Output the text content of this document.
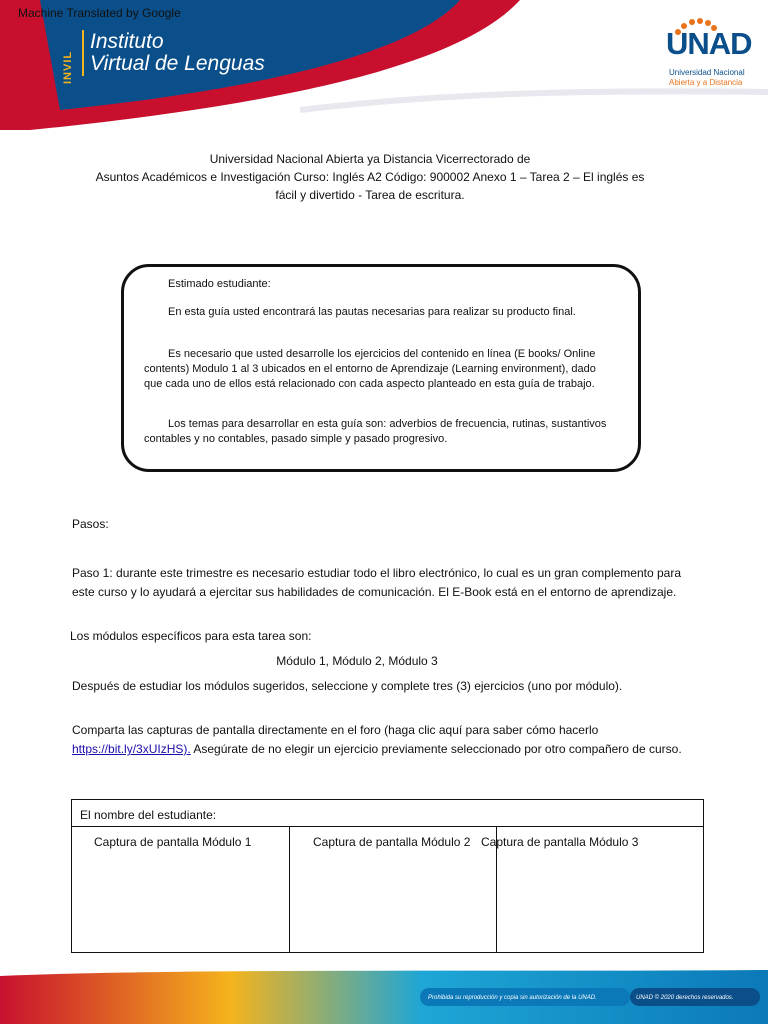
Machine Translated by Google
INVIL
Instituto
Virtual de Lenguas
UNAD
Universidad Nacional
Abierta y a Distancia
Universidad Nacional Abierta ya Distancia Vicerrectorado de
Asuntos Académicos e Investigación Curso: Inglés A2 Código: 900002 Anexo 1 – Tarea 2 – El inglés es
fácil y divertido - Tarea de escritura.

Estimado estudiante:

En esta guía usted encontrará las pautas necesarias para realizar su producto final.

Es necesario que usted desarrolle los ejercicios del contenido en línea (E books/ Online contents) Modulo 1 al 3 ubicados en el entorno de Aprendizaje (Learning environment), dado que cada uno de ellos está relacionado con cada aspecto planteado en esta guía de trabajo.

Los temas para desarrollar en esta guía son: adverbios de frecuencia, rutinas, sustantivos contables y no contables, pasado simple y pasado progresivo.

Pasos:

Paso 1: durante este trimestre es necesario estudiar todo el libro electrónico, lo cual es un gran complemento para este curso y lo ayudará a ejercitar sus habilidades de comunicación. El E-Book está en el entorno de aprendizaje.

Los módulos específicos para esta tarea son:

Módulo 1, Módulo 2, Módulo 3

Después de estudiar los módulos sugeridos, seleccione y complete tres (3) ejercicios (uno por módulo).

Comparta las capturas de pantalla directamente en el foro (haga clic aquí para saber cómo hacerlo https://bit.ly/3xUIzHS). Asegúrate de no elegir un ejercicio previamente seleccionado por otro compañero de curso.

El nombre del estudiante:
Captura de pantalla Módulo 1	Captura de pantalla Módulo 2 Captura de pantalla Módulo 3
Prohibida su reproducción y copia sin autorización de la UNAD.	UNAD © 2020 derechos reservados.
